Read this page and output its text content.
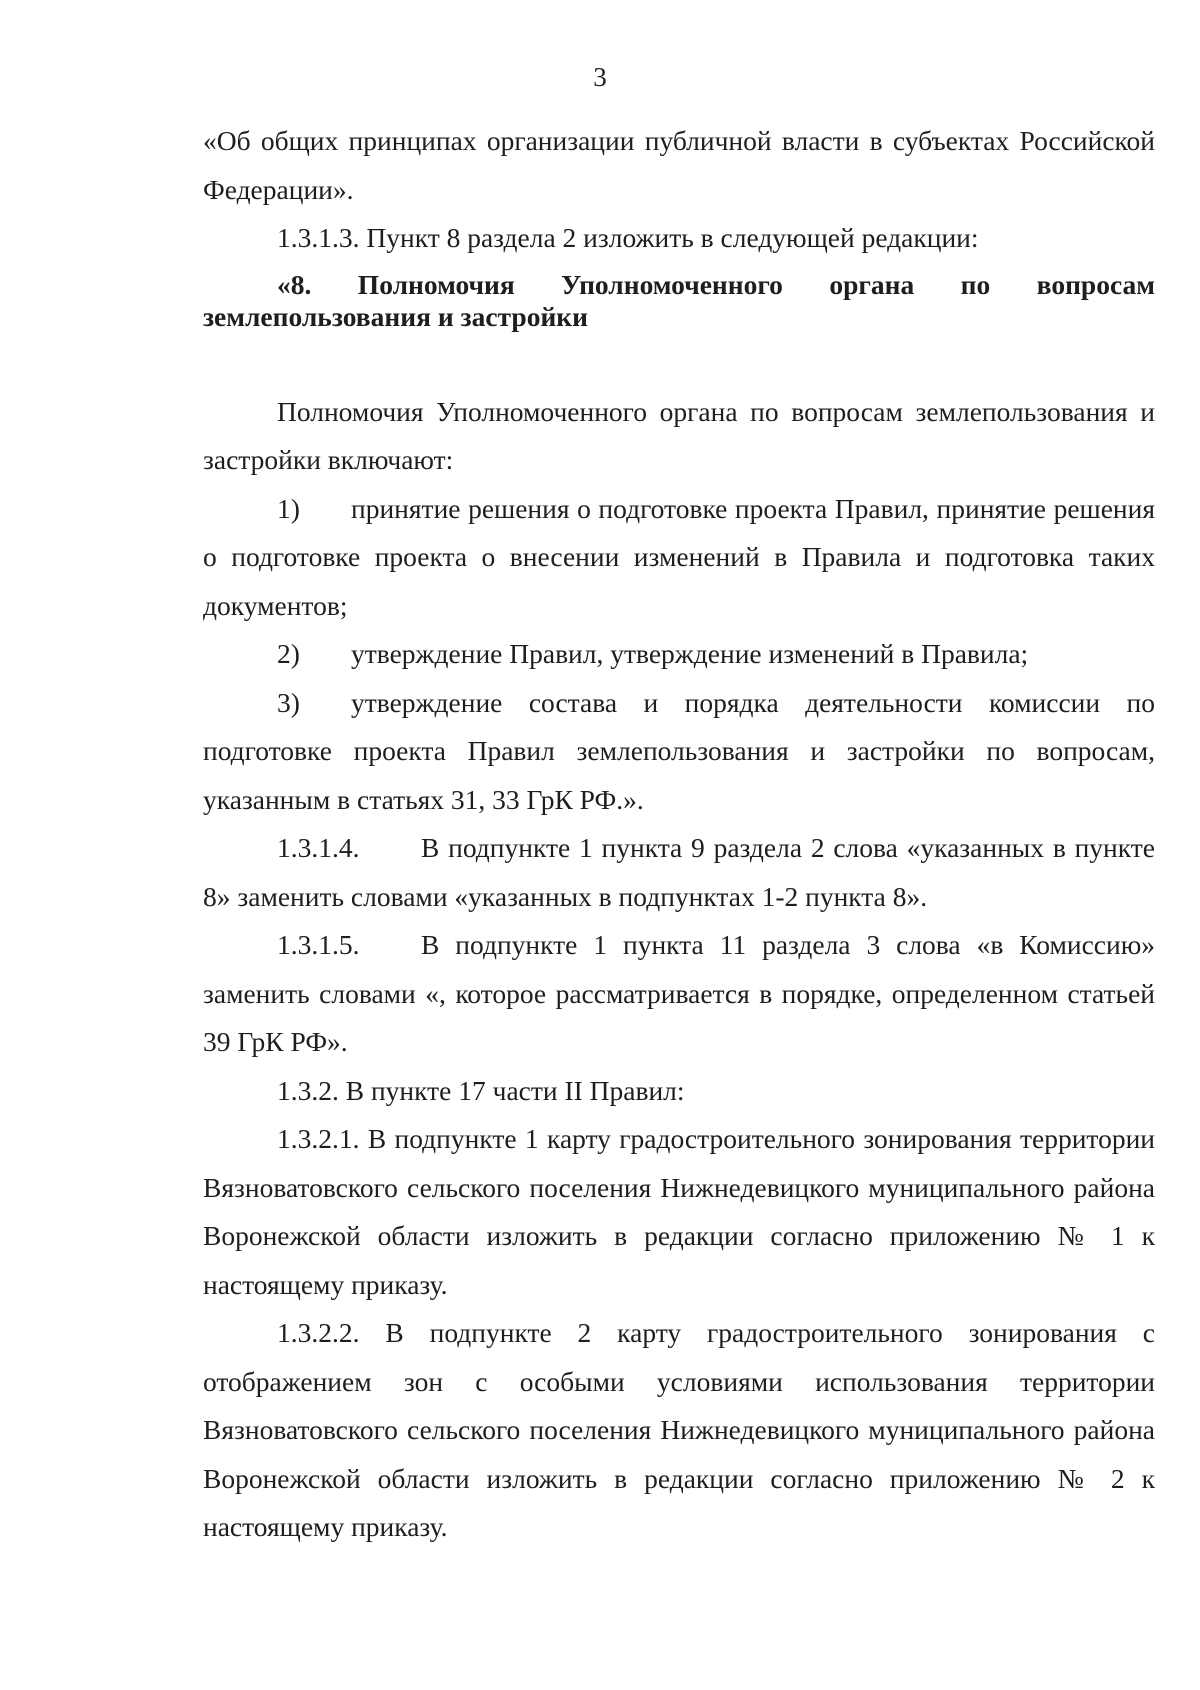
3

«Об общих принципах организации публичной власти в субъектах Российской Федерации».

1.3.1.3. Пункт 8 раздела 2 изложить в следующей редакции:

«8. Полномочия Уполномоченного органа по вопросам землепользования и застройки

Полномочия Уполномоченного органа по вопросам землепользования и застройки включают:

1) принятие решения о подготовке проекта Правил, принятие решения о подготовке проекта о внесении изменений в Правила и подготовка таких документов;

2) утверждение Правил, утверждение изменений в Правила;

3) утверждение состава и порядка деятельности комиссии по подготовке проекта Правил землепользования и застройки по вопросам, указанным в статьях 31, 33 ГрК РФ.».

1.3.1.4. В подпункте 1 пункта 9 раздела 2 слова «указанных в пункте 8» заменить словами «указанных в подпунктах 1-2 пункта 8».

1.3.1.5. В подпункте 1 пункта 11 раздела 3 слова «в Комиссию» заменить словами «, которое рассматривается в порядке, определенном статьей 39 ГрК РФ».

1.3.2. В пункте 17 части II Правил:

1.3.2.1. В подпункте 1 карту градостроительного зонирования территории Вязноватовского сельского поселения Нижнедевицкого муниципального района Воронежской области изложить в редакции согласно приложению № 1 к настоящему приказу.

1.3.2.2. В подпункте 2 карту градостроительного зонирования с отображением зон с особыми условиями использования территории Вязноватовского сельского поселения Нижнедевицкого муниципального района Воронежской области изложить в редакции согласно приложению № 2 к настоящему приказу.
